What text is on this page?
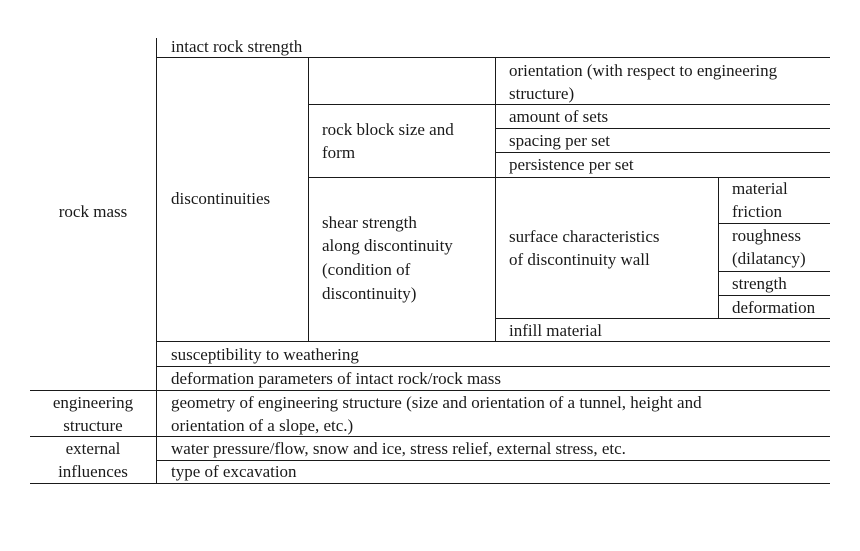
rock mass
engineering
structure
external
influences
intact rock strength
discontinuities
rock block size and
form
shear strength
along discontinuity
(condition of
discontinuity)
orientation (with respect to engineering
structure)
amount of sets
spacing per set
persistence per set
surface characteristics
of discontinuity wall
infill material
material
friction
roughness
(dilatancy)
strength
deformation
susceptibility to weathering
deformation parameters of intact rock/rock mass
geometry of engineering structure (size and orientation of a tunnel, height and
orientation of a slope, etc.)
water pressure/flow, snow and ice, stress relief, external stress, etc.
type of excavation
